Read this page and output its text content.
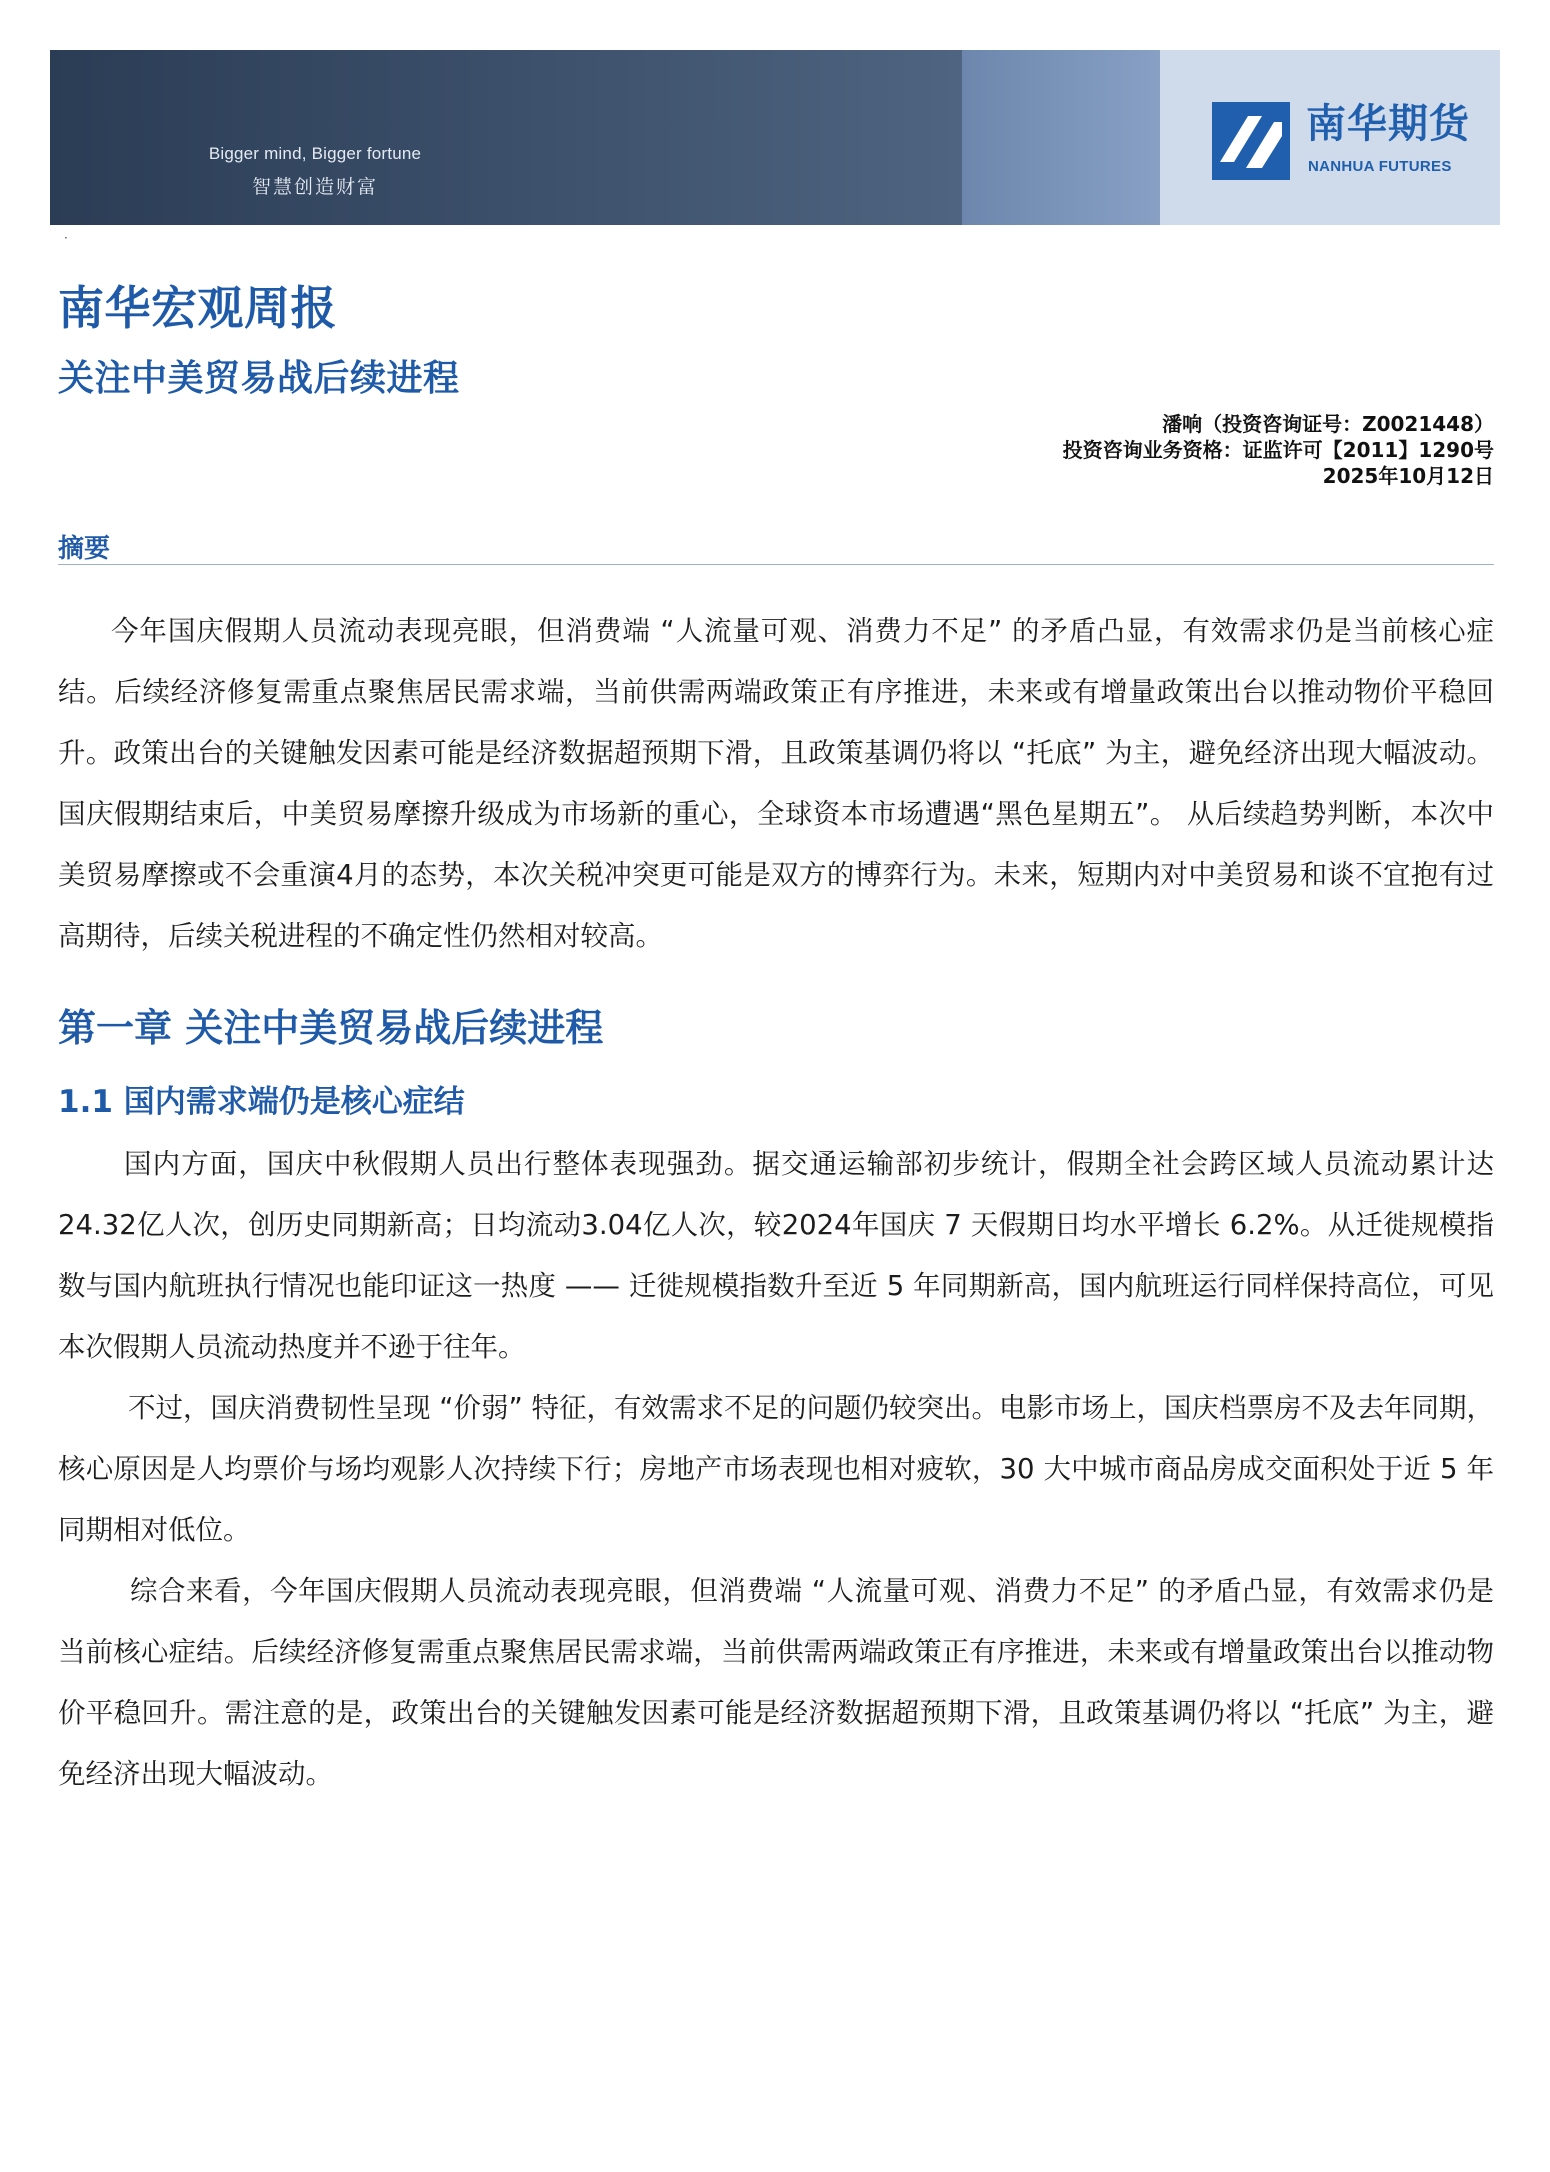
Bigger mind, Bigger fortune
智慧创造财富
南华期货
NANHUA FUTURES
·
南华宏观周报
关注中美贸易战后续进程
潘响（投资咨询证号：Z0021448）
投资咨询业务资格：证监许可【2011】1290号
2025年10月12日
摘要
今年国庆假期人员流动表现亮眼，但消费端 “人流量可观、消费力不足” 的矛盾凸显，有效需求仍是当前核心症结。后续经济修复需重点聚焦居民需求端，当前供需两端政策正有序推进，未来或有增量政策出台以推动物价平稳回升。政策出台的关键触发因素可能是经济数据超预期下滑，且政策基调仍将以 “托底” 为主，避免经济出现大幅波动。国庆假期结束后，中美贸易摩擦升级成为市场新的重心，全球资本市场遭遇“黑色星期五”。 从后续趋势判断，本次中美贸易摩擦或不会重演4月的态势，本次关税冲突更可能是双方的博弈行为。未来，短期内对中美贸易和谈不宜抱有过高期待，后续关税进程的不确定性仍然相对较高。
第一章 关注中美贸易战后续进程
1.1 国内需求端仍是核心症结
国内方面，国庆中秋假期人员出行整体表现强劲。据交通运输部初步统计，假期全社会跨区域人员流动累计达24.32亿人次，创历史同期新高；日均流动3.04亿人次，较2024年国庆 7 天假期日均水平增长 6.2%。从迁徙规模指数与国内航班执行情况也能印证这一热度 —— 迁徙规模指数升至近 5 年同期新高，国内航班运行同样保持高位，可见本次假期人员流动热度并不逊于往年。
不过，国庆消费韧性呈现 “价弱” 特征，有效需求不足的问题仍较突出。电影市场上，国庆档票房不及去年同期，核心原因是人均票价与场均观影人次持续下行；房地产市场表现也相对疲软，30 大中城市商品房成交面积处于近 5 年同期相对低位。
综合来看，今年国庆假期人员流动表现亮眼，但消费端 “人流量可观、消费力不足” 的矛盾凸显，有效需求仍是当前核心症结。后续经济修复需重点聚焦居民需求端，当前供需两端政策正有序推进，未来或有增量政策出台以推动物价平稳回升。需注意的是，政策出台的关键触发因素可能是经济数据超预期下滑，且政策基调仍将以 “托底” 为主，避免经济出现大幅波动。
